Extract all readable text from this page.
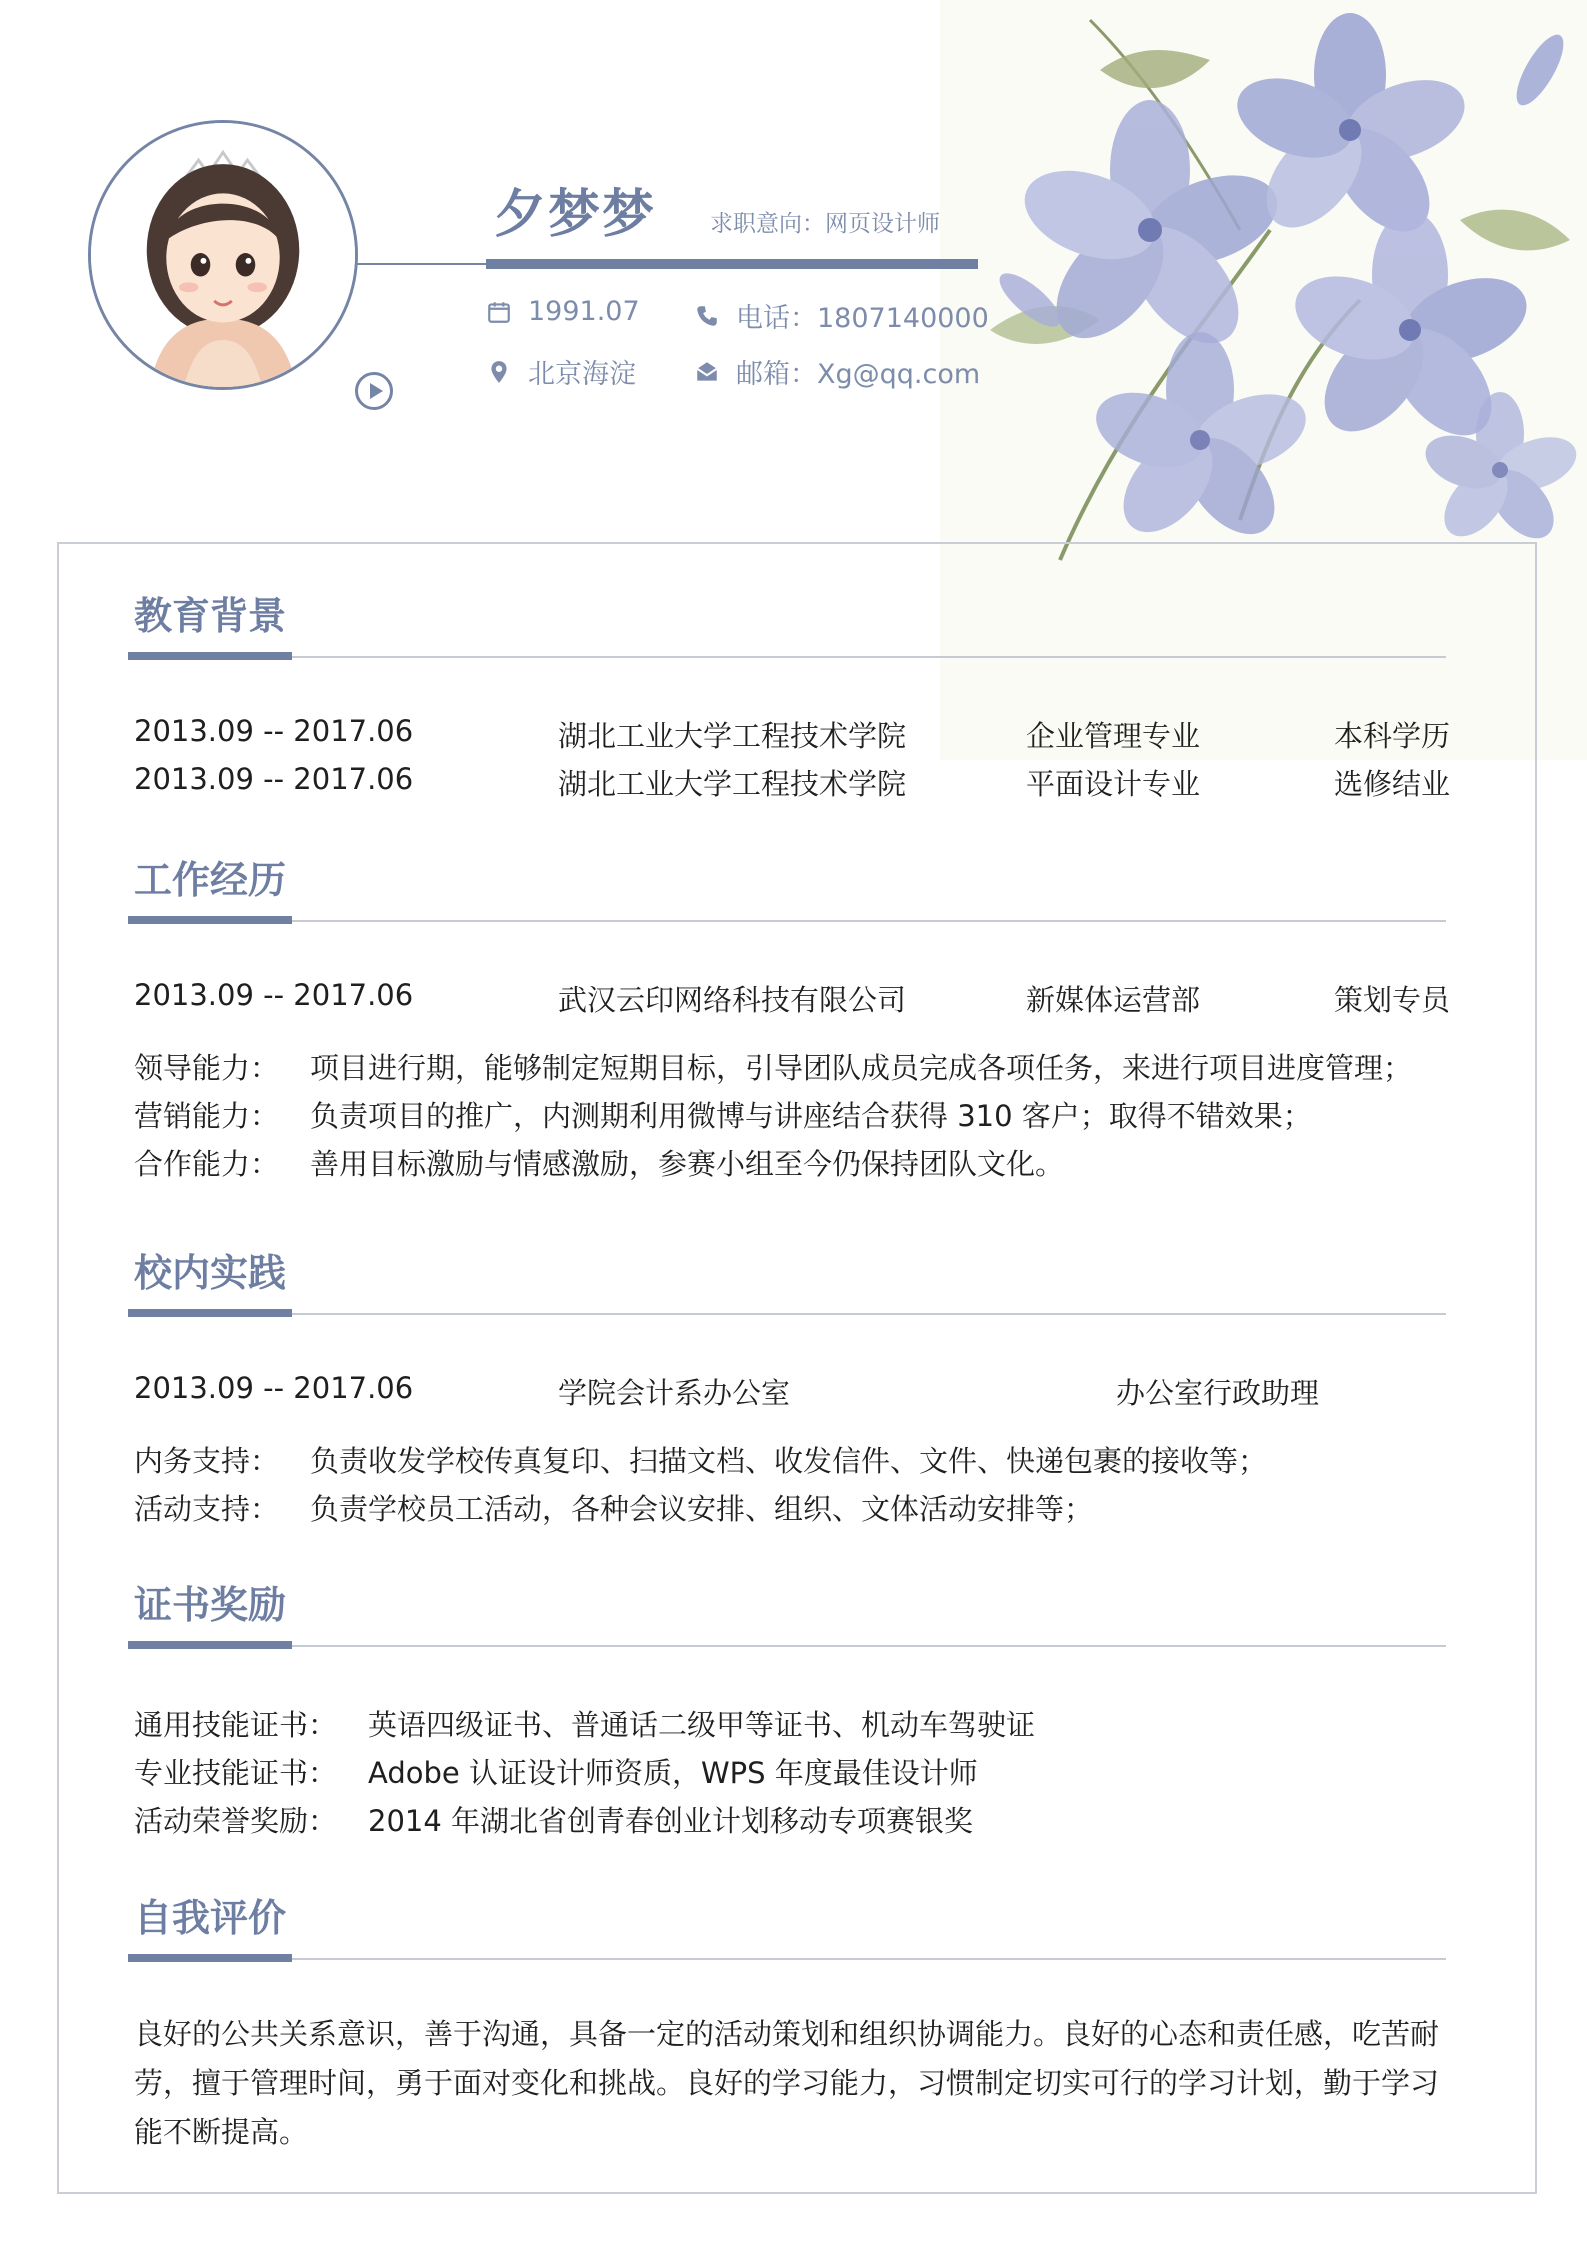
夕梦梦 求职意向：网页设计师
1991.07	电话：1807140000
北京海淀	邮箱：Xg@qq.com
教育背景
2013.09 -- 2017.06	湖北工业大学工程技术学院	企业管理专业	本科学历
2013.09 -- 2017.06	湖北工业大学工程技术学院	平面设计专业	选修结业
工作经历
2013.09 -- 2017.06	武汉云印网络科技有限公司	新媒体运营部	策划专员
领导能力： 项目进行期，能够制定短期目标，引导团队成员完成各项任务，来进行项目进度管理；
营销能力： 负责项目的推广，内测期利用微博与讲座结合获得 310 客户；取得不错效果；
合作能力： 善用目标激励与情感激励，参赛小组至今仍保持团队文化。
校内实践
2013.09 -- 2017.06	学院会计系办公室	办公室行政助理
内务支持： 负责收发学校传真复印、扫描文档、收发信件、文件、快递包裹的接收等；
活动支持： 负责学校员工活动，各种会议安排、组织、文体活动安排等；
证书奖励
通用技能证书： 英语四级证书、普通话二级甲等证书、机动车驾驶证
专业技能证书： Adobe 认证设计师资质，WPS 年度最佳设计师
活动荣誉奖励： 2014 年湖北省创青春创业计划移动专项赛银奖
自我评价
良好的公共关系意识，善于沟通，具备一定的活动策划和组织协调能力。良好的心态和责任感，吃苦耐劳，擅于管理时间，勇于面对变化和挑战。良好的学习能力，习惯制定切实可行的学习计划，勤于学习能不断提高。
